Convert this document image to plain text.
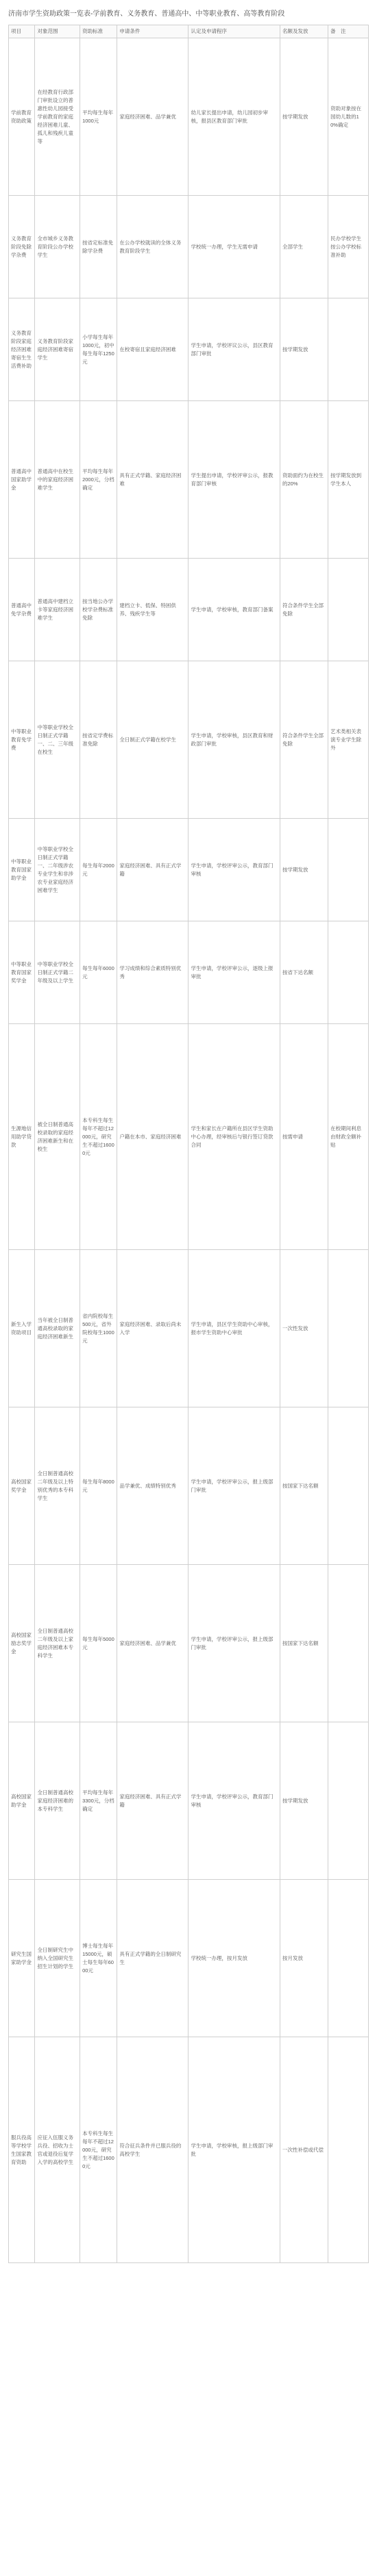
济南市学生资助政策一览表-学前教育、义务教育、普通高中、中等职业教育、高等教育阶段
项目	对象范围	资助标准	申请条件	认定及申请程序	名额及发放	备　注
学前教育资助政策	在经教育行政部门审批设立的普惠性幼儿园接受学前教育的家庭经济困难儿童、孤儿和残疾儿童等	平均每生每年1000元	家庭经济困难、品学兼优	幼儿家长提出申请，幼儿园初步审核，报县区教育部门审批	按学期发放	资助对象按在园幼儿数的10%确定
义务教育阶段免除学杂费	全市城乡义务教育阶段公办学校学生	按省定标准免除学杂费	在公办学校就读的全体义务教育阶段学生	学校统一办理，学生无需申请	全部学生	民办学校学生按公办学校标准补助
义务教育阶段家庭经济困难寄宿生生活费补助	义务教育阶段家庭经济困难寄宿学生	小学每生每年1000元，初中每生每年1250元	在校寄宿且家庭经济困难	学生申请，学校评议公示，县区教育部门审批	按学期发放	
普通高中国家助学金	普通高中在校生中的家庭经济困难学生	平均每生每年2000元，分档确定	具有正式学籍、家庭经济困难	学生提出申请，学校评审公示，报教育部门审核	资助面约为在校生的20%	按学期发放到学生本人
普通高中免学杂费	普通高中建档立卡等家庭经济困难学生	按当地公办学校学杂费标准免除	建档立卡、低保、特困供养、残疾学生等	学生申请，学校审核，教育部门备案	符合条件学生全部免除	
中等职业教育免学费	中等职业学校全日制正式学籍一、二、三年级在校生	按省定学费标准免除	全日制正式学籍在校学生	学生申请，学校审核，县区教育和财政部门审批	符合条件学生全部免除	艺术类相关表演专业学生除外
中等职业教育国家助学金	中等职业学校全日制正式学籍一、二年级涉农专业学生和非涉农专业家庭经济困难学生	每生每年2000元	家庭经济困难、具有正式学籍	学生申请，学校评审公示，教育部门审核	按学期发放	
中等职业教育国家奖学金	中等职业学校全日制正式学籍二年级及以上学生	每生每年6000元	学习成绩和综合素质特别优秀	学生申请，学校评审公示，逐级上报审批	按省下达名额	
生源地信用助学贷款	被全日制普通高校录取的家庭经济困难新生和在校生	本专科生每生每年不超过12000元，研究生不超过16000元	户籍在本市、家庭经济困难	学生和家长在户籍所在县区学生资助中心办理，经审核后与银行签订贷款合同	按需申请	在校期间利息由财政全额补贴
新生入学资助项目	当年被全日制普通高校录取的家庭经济困难新生	省内院校每生500元，省外院校每生1000元	家庭经济困难、录取后尚未入学	学生申请，县区学生资助中心审核，报市学生资助中心审批	一次性发放	
高校国家奖学金	全日制普通高校二年级及以上特别优秀的本专科学生	每生每年8000元	品学兼优、成绩特别优秀	学生申请，学校评审公示，报上级部门审批	按国家下达名额	
高校国家励志奖学金	全日制普通高校二年级及以上家庭经济困难本专科学生	每生每年5000元	家庭经济困难、品学兼优	学生申请，学校评审公示，报上级部门审批	按国家下达名额	
高校国家助学金	全日制普通高校家庭经济困难的本专科学生	平均每生每年3300元，分档确定	家庭经济困难、具有正式学籍	学生申请，学校评审公示，教育部门审核	按学期发放	
研究生国家助学金	全日制研究生中纳入全国研究生招生计划的学生	博士每生每年15000元，硕士每生每年6000元	具有正式学籍的全日制研究生	学校统一办理，按月发放	按月发放	
服兵役高等学校学生国家教育资助	应征入伍服义务兵役、招收为士官或退役后复学入学的高校学生	本专科生每生每年不超过12000元，研究生不超过16000元	符合征兵条件并已服兵役的高校学生	学生申请，学校审核，报上级部门审批	一次性补偿或代偿	
